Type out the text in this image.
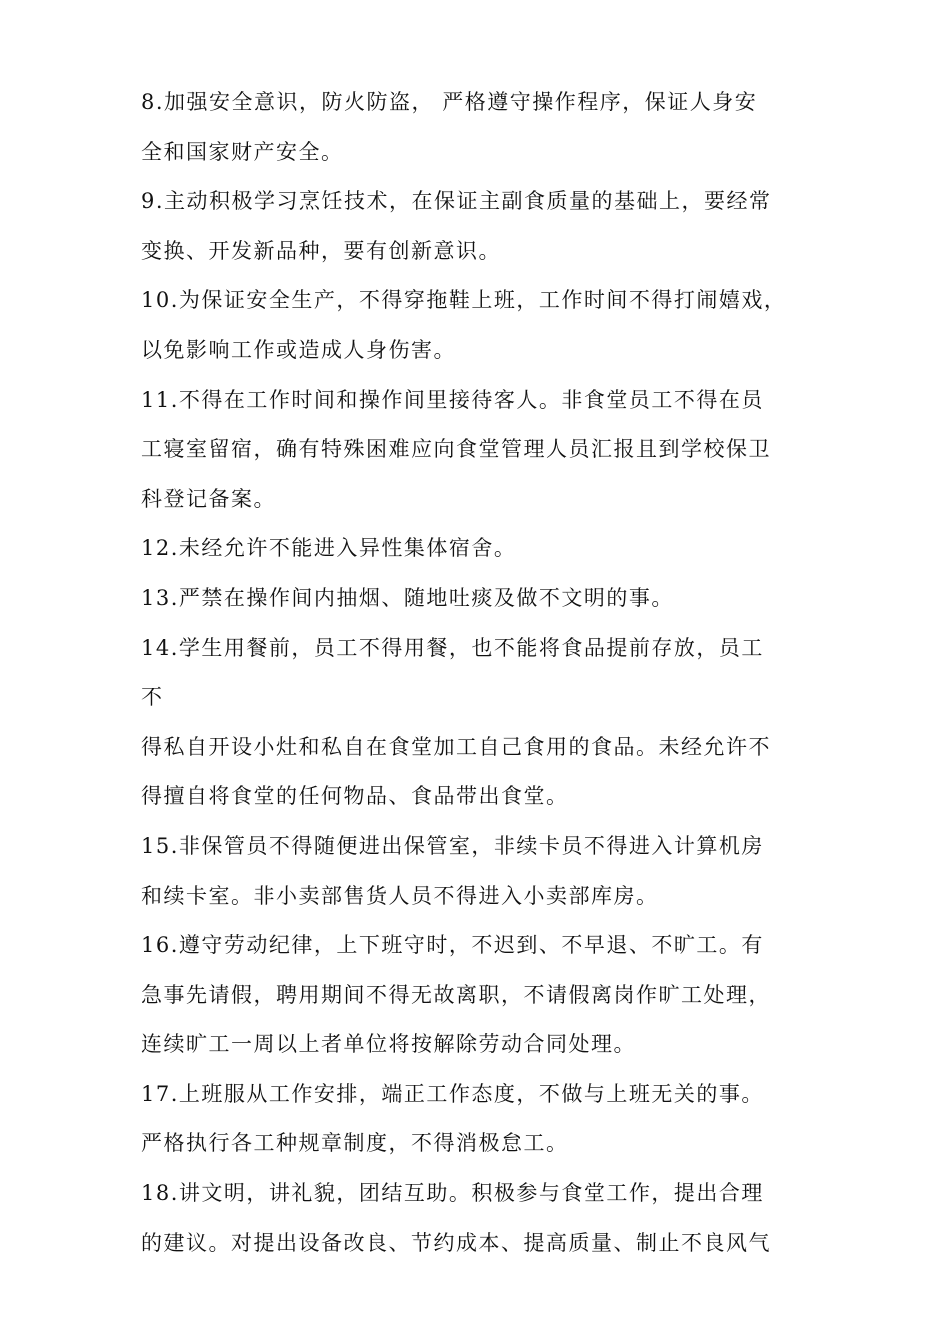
8.加强安全意识，防火防盗， 严格遵守操作程序，保证人身安
全和国家财产安全。
9.主动积极学习烹饪技术，在保证主副食质量的基础上，要经常
变换、开发新品种，要有创新意识。
10.为保证安全生产，不得穿拖鞋上班，工作时间不得打闹嬉戏，
以免影响工作或造成人身伤害。
11.不得在工作时间和操作间里接待客人。非食堂员工不得在员
工寝室留宿，确有特殊困难应向食堂管理人员汇报且到学校保卫
科登记备案。
12.未经允许不能进入异性集体宿舍。
13.严禁在操作间内抽烟、随地吐痰及做不文明的事。
14.学生用餐前，员工不得用餐，也不能将食品提前存放，员工
不
得私自开设小灶和私自在食堂加工自己食用的食品。未经允许不
得擅自将食堂的任何物品、食品带出食堂。
15.非保管员不得随便进出保管室，非续卡员不得进入计算机房
和续卡室。非小卖部售货人员不得进入小卖部库房。
16.遵守劳动纪律，上下班守时，不迟到、不早退、不旷工。有
急事先请假，聘用期间不得无故离职，不请假离岗作旷工处理，
连续旷工一周以上者单位将按解除劳动合同处理。
17.上班服从工作安排，端正工作态度，不做与上班无关的事。
严格执行各工种规章制度，不得消极怠工。
18.讲文明，讲礼貌，团结互助。积极参与食堂工作，提出合理
的建议。对提出设备改良、节约成本、提高质量、制止不良风气
